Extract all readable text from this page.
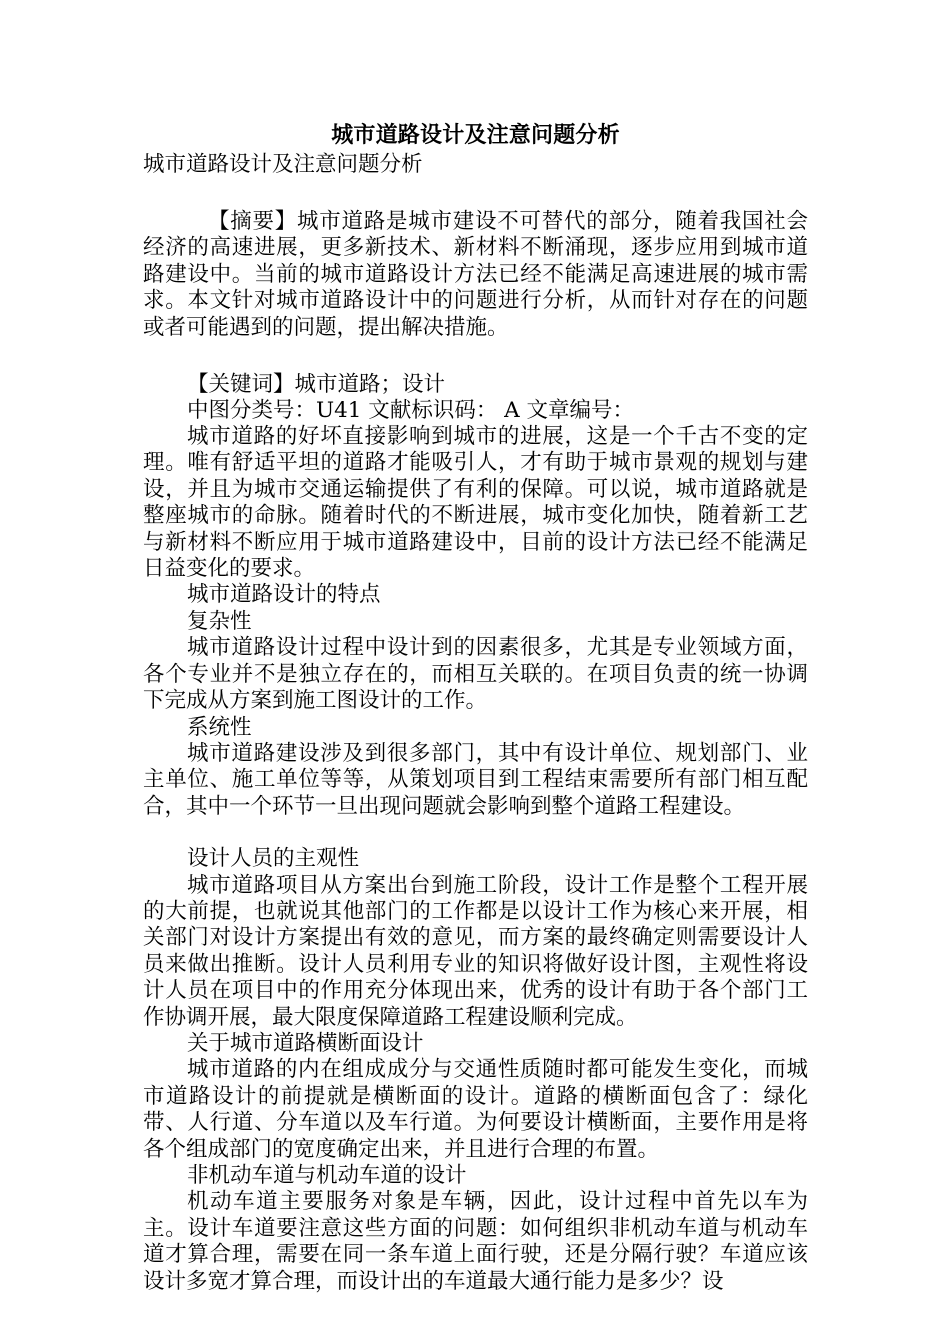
城市道路设计及注意问题分析

城市道路设计及注意问题分析

【摘要】城市道路是城市建设不可替代的部分，随着我国社会经济的高速进展，更多新技术、新材料不断涌现，逐步应用到城市道路建设中。当前的城市道路设计方法已经不能满足高速进展的城市需求。本文针对城市道路设计中的问题进行分析，从而针对存在的问题或者可能遇到的问题，提出解决措施。

【关键词】城市道路；设计

中图分类号：U41 文献标识码： A 文章编号：

城市道路的好坏直接影响到城市的进展，这是一个千古不变的定理。唯有舒适平坦的道路才能吸引人，才有助于城市景观的规划与建设，并且为城市交通运输提供了有利的保障。可以说，城市道路就是整座城市的命脉。随着时代的不断进展，城市变化加快，随着新工艺与新材料不断应用于城市道路建设中，目前的设计方法已经不能满足日益变化的要求。

城市道路设计的特点

复杂性

城市道路设计过程中设计到的因素很多，尤其是专业领域方面，各个专业并不是独立存在的，而相互关联的。在项目负责的统一协调下完成从方案到施工图设计的工作。

系统性

城市道路建设涉及到很多部门，其中有设计单位、规划部门、业主单位、施工单位等等，从策划项目到工程结束需要所有部门相互配合，其中一个环节一旦出现问题就会影响到整个道路工程建设。

设计人员的主观性

城市道路项目从方案出台到施工阶段，设计工作是整个工程开展的大前提，也就说其他部门的工作都是以设计工作为核心来开展，相关部门对设计方案提出有效的意见，而方案的最终确定则需要设计人员来做出推断。设计人员利用专业的知识将做好设计图，主观性将设计人员在项目中的作用充分体现出来，优秀的设计有助于各个部门工作协调开展，最大限度保障道路工程建设顺利完成。

关于城市道路横断面设计

城市道路的内在组成成分与交通性质随时都可能发生变化，而城市道路设计的前提就是横断面的设计。道路的横断面包含了：绿化带、人行道、分车道以及车行道。为何要设计横断面，主要作用是将各个组成部门的宽度确定出来，并且进行合理的布置。

非机动车道与机动车道的设计

机动车道主要服务对象是车辆，因此，设计过程中首先以车为主。设计车道要注意这些方面的问题：如何组织非机动车道与机动车道才算合理，需要在同一条车道上面行驶，还是分隔行驶？车道应该设计多宽才算合理，而设计出的车道最大通行能力是多少？设
